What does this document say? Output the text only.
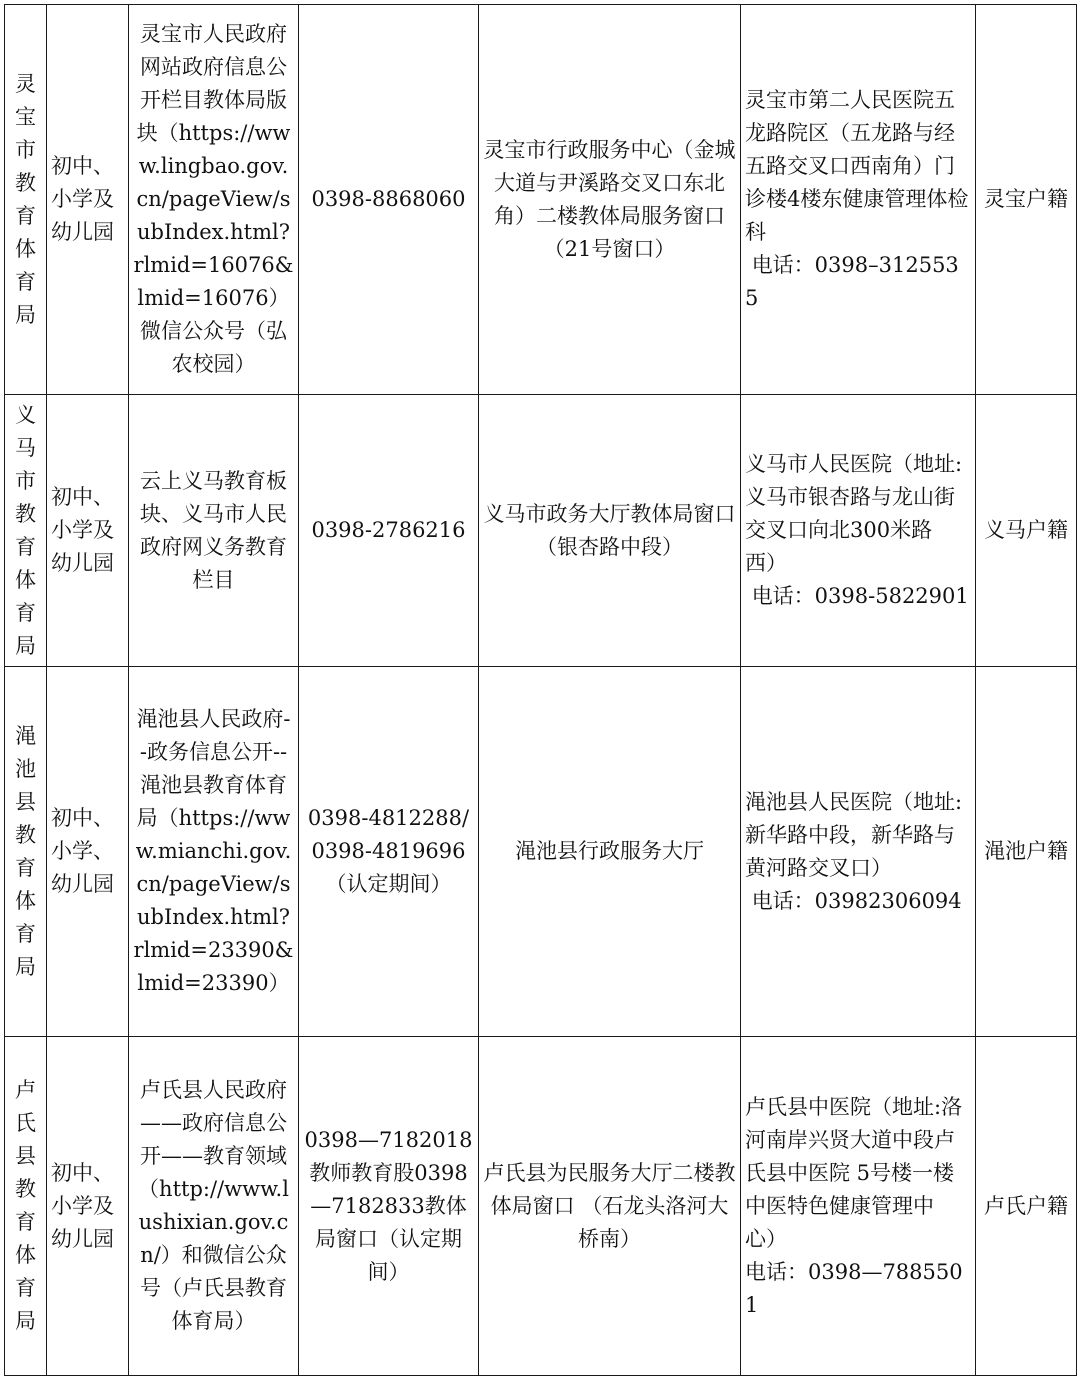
灵宝市教育体育局	初中、小学及幼儿园	灵宝市人民政府网站政府信息公开栏目教体局版块（https://www.lingbao.gov.cn/pageView/subIndex.html?rlmid=16076&lmid=16076）微信公众号（弘农校园）	0398-8868060	灵宝市行政服务中心（金城大道与尹溪路交叉口东北角）二楼教体局服务窗口（21号窗口）	灵宝市第二人民医院五龙路院区（五龙路与经五路交叉口西南角）门诊楼4楼东健康管理体检科
电话：0398–3125535	灵宝户籍

义马市教育体育局	初中、小学及幼儿园	云上义马教育板块、义马市人民政府网义务教育栏目	0398-2786216	义马市政务大厅教体局窗口（银杏路中段）	义马市人民医院（地址:义马市银杏路与龙山街交叉口向北300米路西）
电话：0398-5822901	义马户籍

渑池县教育体育局	初中、小学、幼儿园	渑池县人民政府--政务信息公开--渑池县教育体育局（https://www.mianchi.gov.cn/pageView/subIndex.html?rlmid=23390&lmid=23390）	0398-4812288/0398-4819696（认定期间）	渑池县行政服务大厅	渑池县人民医院（地址:新华路中段，新华路与黄河路交叉口）
电话：03982306094	渑池户籍

卢氏县教育体育局	初中、小学及幼儿园	卢氏县人民政府——政府信息公开——教育领域（http://www.lushixian.gov.cn/）和微信公众号（卢氏县教育体育局）	0398—7182018教师教育股0398—7182833教体局窗口（认定期间）	卢氏县为民服务大厅二楼教体局窗口 （石龙头洛河大桥南）	卢氏县中医院（地址:洛河南岸兴贤大道中段卢氏县中医院 5号楼一楼中医特色健康管理中心）
电话：0398—7885501	卢氏户籍
